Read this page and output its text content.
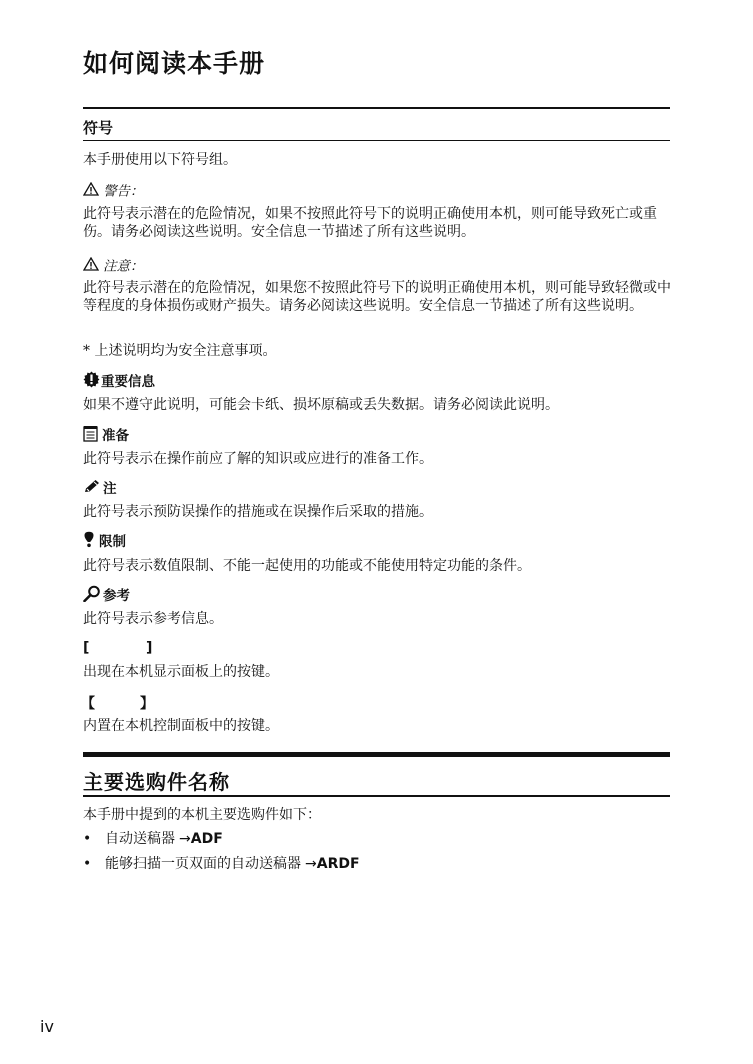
如何阅读本手册
符号
本手册使用以下符号组。
警告：
此符号表示潜在的危险情况，如果不按照此符号下的说明正确使用本机，则可能导致死亡或重伤。请务必阅读这些说明。安全信息一节描述了所有这些说明。
注意：
此符号表示潜在的危险情况，如果您不按照此符号下的说明正确使用本机，则可能导致轻微或中等程度的身体损伤或财产损失。请务必阅读这些说明。安全信息一节描述了所有这些说明。
* 上述说明均为安全注意事项。
重要信息
如果不遵守此说明，可能会卡纸、损坏原稿或丢失数据。请务必阅读此说明。
准备
此符号表示在操作前应了解的知识或应进行的准备工作。
注
此符号表示预防误操作的措施或在误操作后采取的措施。
限制
此符号表示数值限制、不能一起使用的功能或不能使用特定功能的条件。
参考
此符号表示参考信息。
[	]
出现在本机显示面板上的按键。
【	】
内置在本机控制面板中的按键。
主要选购件名称
本手册中提到的本机主要选购件如下：
• 自动送稿器 →ADF
• 能够扫描一页双面的自动送稿器 →ARDF
iv
